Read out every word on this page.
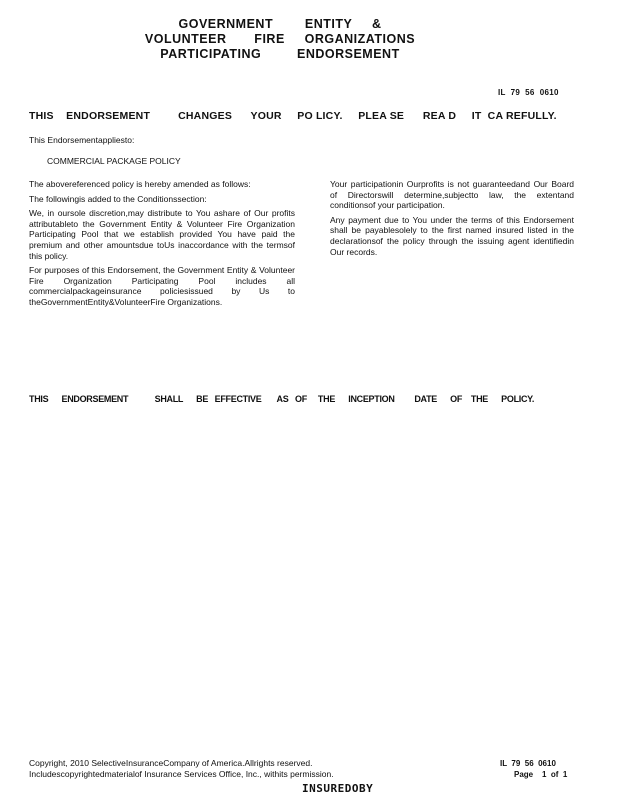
GOVERNMENT        ENTITY     &
VOLUNTEER       FIRE     ORGANIZATIONS
PARTICIPATING         ENDORSEMENT
IL  79  56  0610
THIS    ENDORSEMENT         CHANGES      YOUR     PO LICY.     PLEA SE      REA D     IT  CA REFULLY.
This Endorsementappliesto:
COMMERCIAL PACKAGE POLICY

The abovereferenced policy is hereby amended as follows:

The followingis added to the Conditionssection:

We, in oursole discretion,may distribute to You ashare of Our profits attributableto the Government Entity & Volunteer Fire Organization Participating Pool that we establish provided You have paid the premium and other amountsdue toUs inaccordance with the termsof this policy.

For purposes of this Endorsement, the Government Entity & Volunteer Fire Organization Participating Pool includes all commercialpackageinsurance policiesissued by Us to theGovernmentEntity&VolunteerFire Organizations.

Your participationin Ourprofits is not guaranteedand Our Board of Directorswill determine,subjectto law, the extentand conditionsof your participation.

Any payment due to You under the terms of this Endorsement shall be payablesolely to the first named insured listed in the declarationsof the policy through the issuing agent identifiedin Our records.

THIS      ENDORSEMENT            SHALL      BE   EFFECTIVE       AS   OF     THE      INCEPTION         DATE      OF    THE      POLICY.
Copyright, 2010 SelectiveInsuranceCompany of America.Allrights reserved.
Includescopyrightedmaterialof Insurance Services Office, Inc., withits permission.
IL  79  56  0610
Page    1  of  1
INSUREDOBY
